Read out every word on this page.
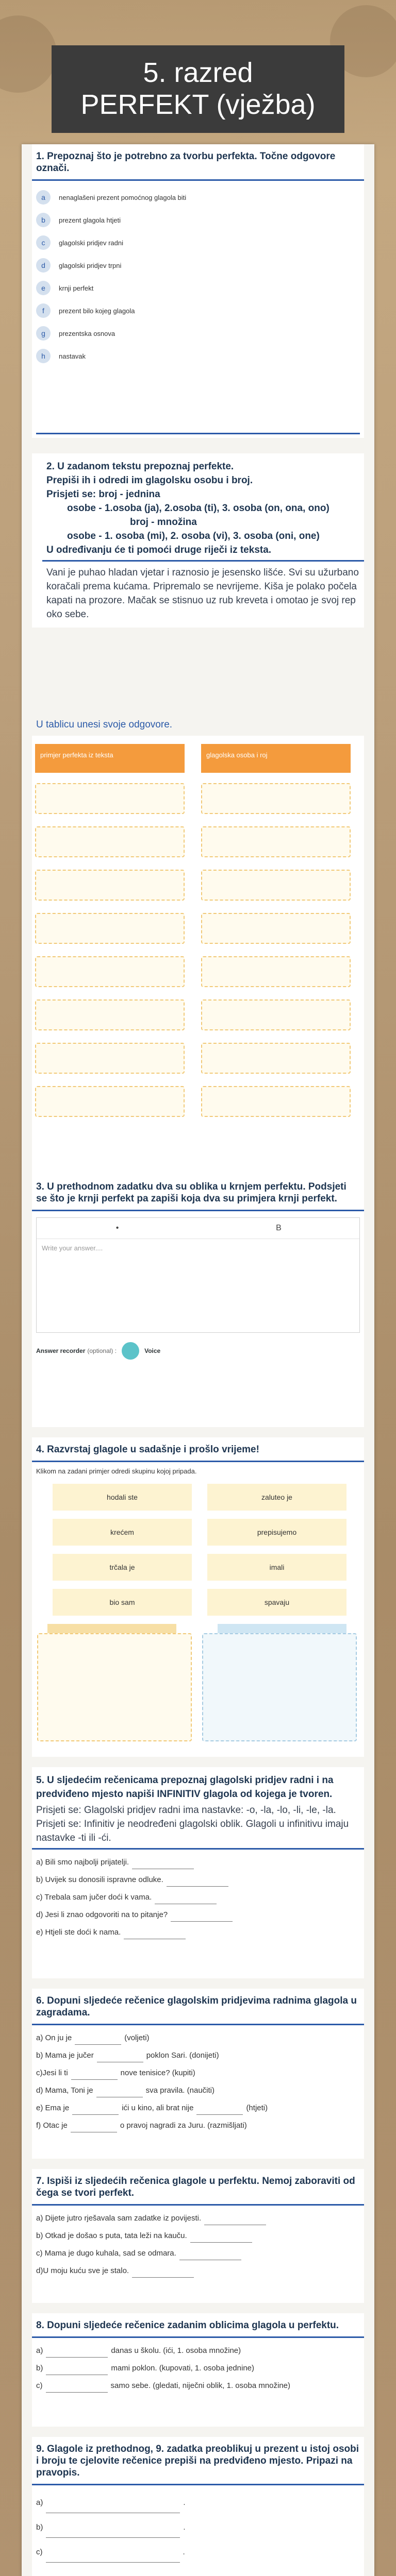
5. razred
PERFEKT (vježba)
1. Prepoznaj što je potrebno za tvorbu perfekta. Točne odgovore označi.
a	nenaglašeni prezent pomoćnog glagola biti
b	prezent glagola htjeti
c	glagolski pridjev radni
d	glagolski pridjev trpni
e	krnji perfekt
f	prezent bilo kojeg glagola
g	prezentska osnova
h	nastavak
2. U zadanom tekstu prepoznaj perfekte.
Prepiši ih i odredi im glagolsku osobu i broj.
Prisjeti se: broj - jednina
osobe - 1.osoba (ja), 2.osoba (ti), 3. osoba (on, ona, ono)
broj - množina
osobe - 1. osoba (mi), 2. osoba (vi), 3. osoba (oni, one)
U određivanju će ti pomoći druge riječi iz teksta.
Vani je puhao hladan vjetar i raznosio je jesensko lišće. Svi su užurbano koračali prema kućama. Pripremalo se nevrijeme. Kiša je polako počela kapati na prozore. Mačak se stisnuo uz rub kreveta i omotao je svoj rep oko sebe.
U tablicu unesi svoje odgovore.
primjer perfekta iz teksta	glagolska osoba i roj
3. U prethodnom zadatku dva su oblika u krnjem perfektu. Podsjeti se što je krnji perfekt pa zapiši koja dva su primjera krnji perfekt.
•	B
Write your answer....
Answer recorder (optional) :	Voice
4. Razvrstaj glagole u sadašnje i prošlo vrijeme!
Klikom na zadani primjer odredi skupinu kojoj pripada.
hodali ste	zaluteo je
krećem	prepisujemo
trčala je	imali
bio sam	spavaju
5. U sljedećim rečenicama prepoznaj glagolski pridjev radni i na predviđeno mjesto napiši INFINITIV glagola od kojega je tvoren.
Prisjeti se: Glagolski pridjev radni ima nastavke: -o, -la, -lo, -li, -le, -la.
Prisjeti se: Infinitiv je neodređeni glagolski oblik. Glagoli u infinitivu imaju nastavke -ti ili -ći.
a) Bili smo najbolji prijatelji.
b) Uvijek su donosili ispravne odluke.
c) Trebala sam jučer doći k vama.
d) Jesi li znao odgovoriti na to pitanje?
e) Htjeli ste doći k nama.
6. Dopuni sljedeće rečenice glagolskim pridjevima radnima glagola u zagradama.
a) On ju je	(voljeti)
b) Mama je jučer	poklon Sari. (donijeti)
c)Jesi li ti	nove tenisice? (kupiti)
d) Mama, Toni je	sva pravila. (naučiti)
e) Ema je	ići u kino, ali brat nije	(htjeti)
f) Otac je	o pravoj nagradi za Juru. (razmišljati)
7. Ispiši iz sljedećih rečenica glagole u perfektu. Nemoj zaboraviti od čega se tvori perfekt.
a) Dijete jutro rješavala sam zadatke iz povijesti.
b) Otkad je došao s puta, tata leži na kauču.
c) Mama je dugo kuhala, sad se odmara.
d)U moju kuću sve je stalo.
8. Dopuni sljedeće rečenice zadanim oblicima glagola u perfektu.
a)	danas u školu. (ići, 1. osoba množine)
b)	mami poklon. (kupovati, 1. osoba jednine)
c)	samo sebe. (gledati, niječni oblik, 1. osoba množine)
9. Glagole iz prethodnog, 9. zadatka preoblikuj u prezent u istoj osobi i broju te cjelovite rečenice prepiši na predviđeno mjesto. Pripazi na pravopis.
a)	.
b)	.
c)	.
